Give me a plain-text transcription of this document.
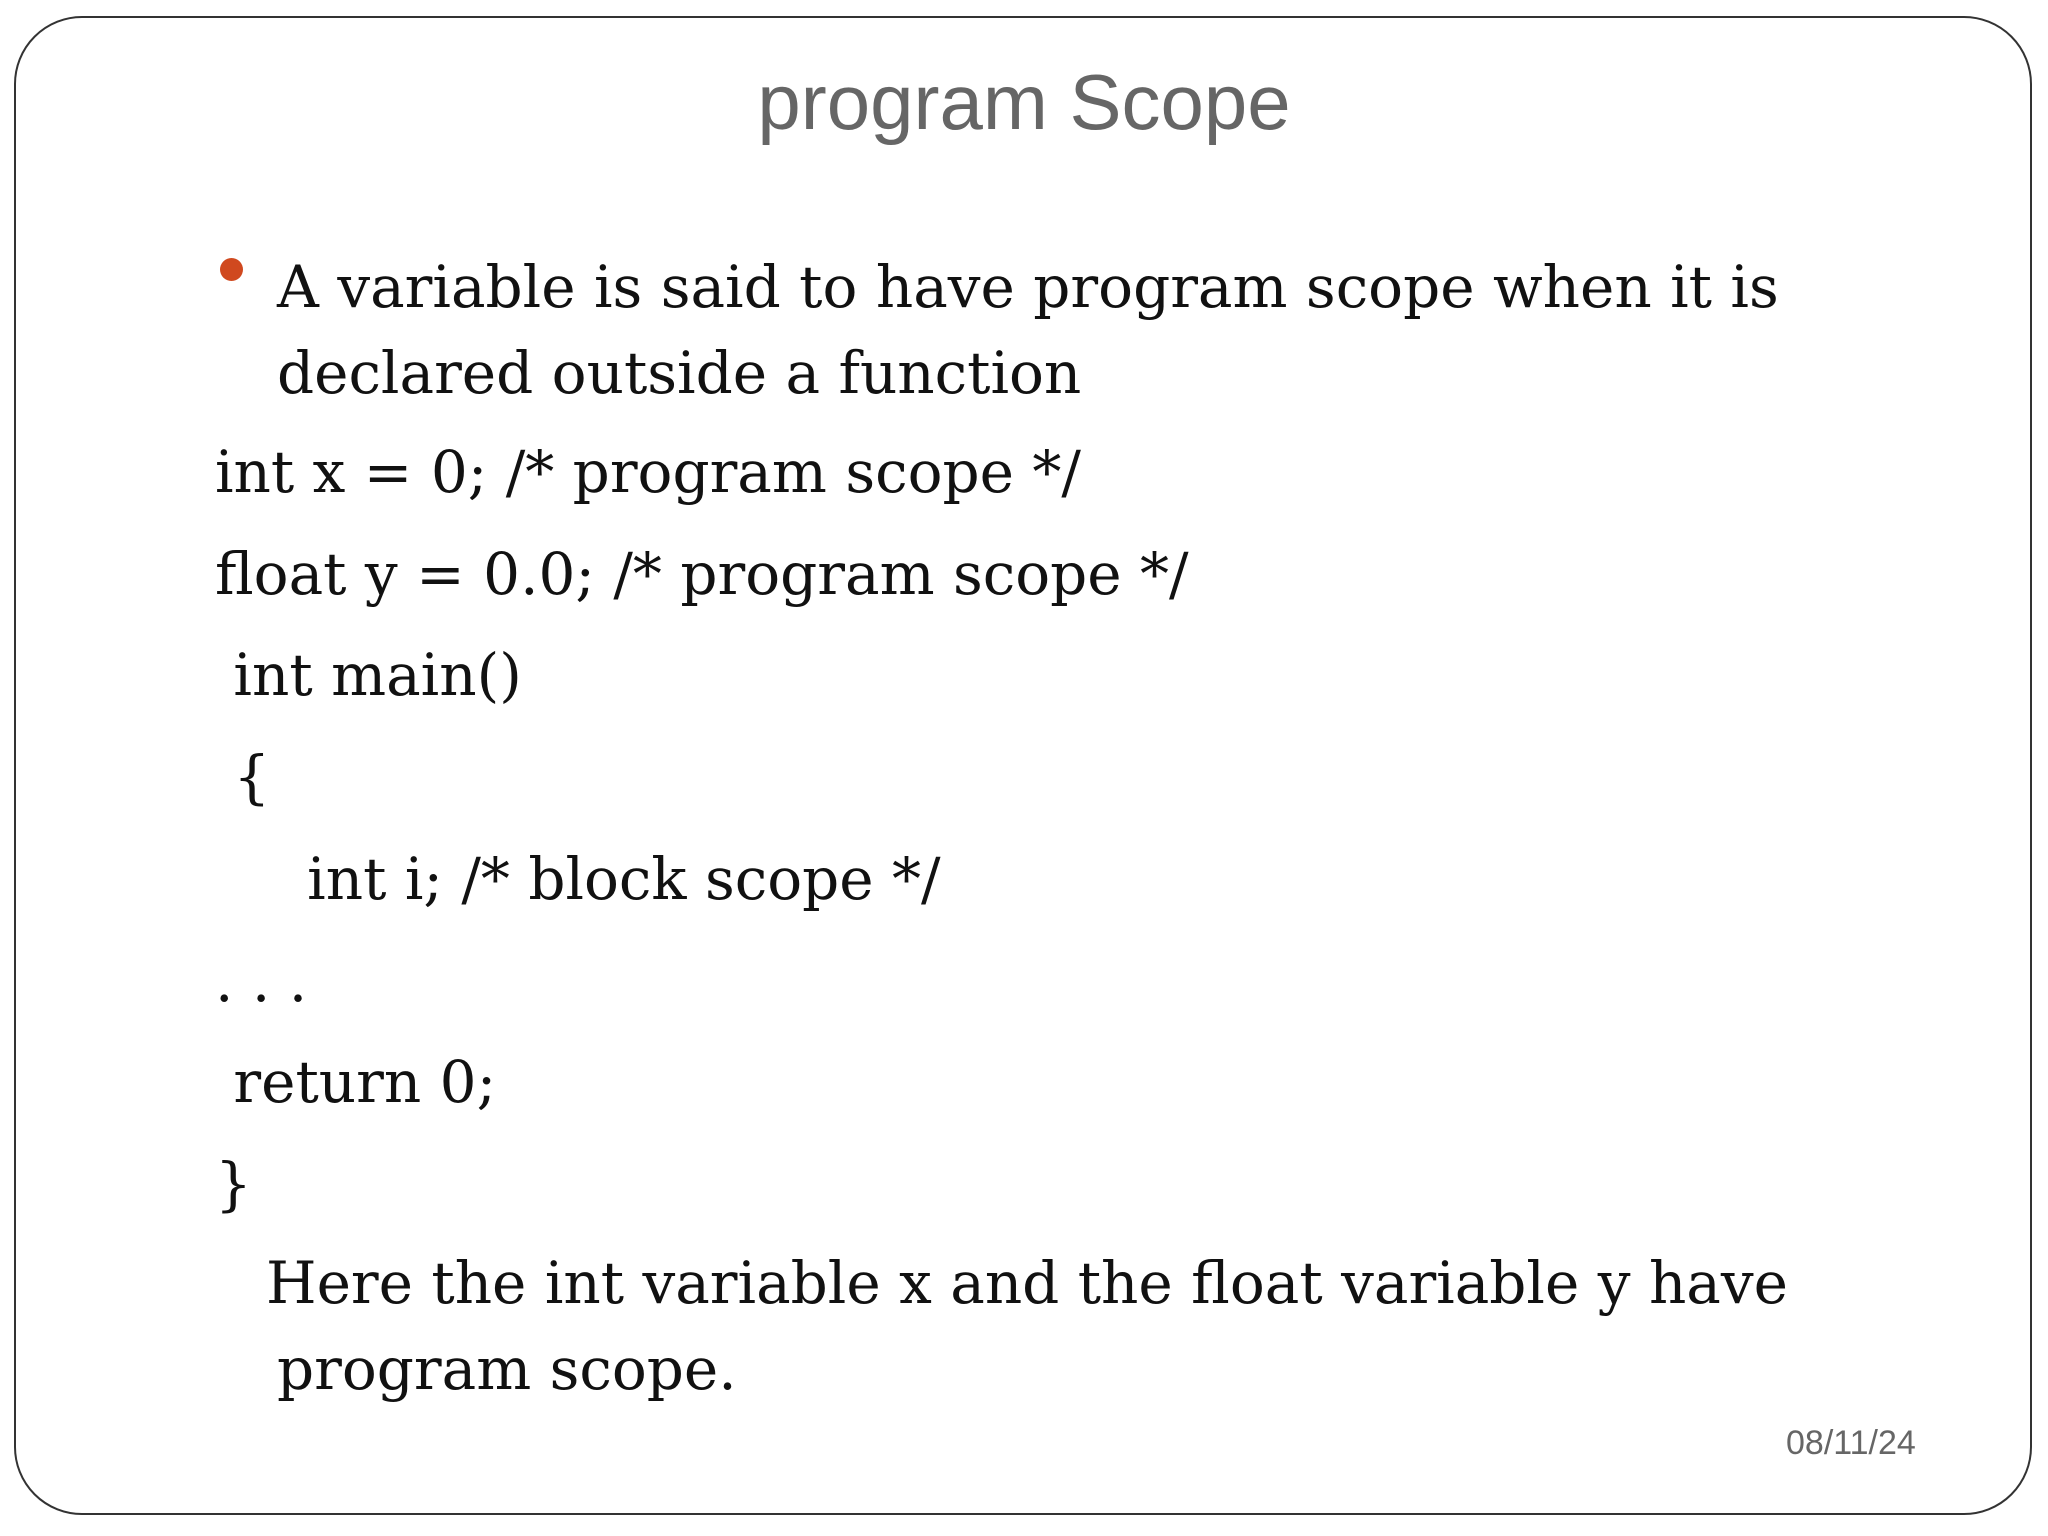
program Scope
A variable is said to have program scope when it is declared outside a function
int x = 0; /* program scope */
float y = 0.0; /* program scope */
int main()
{
int i; /* block scope */
. . .
return 0;
}
Here the int variable x and the float variable y have program scope.
08/11/24
